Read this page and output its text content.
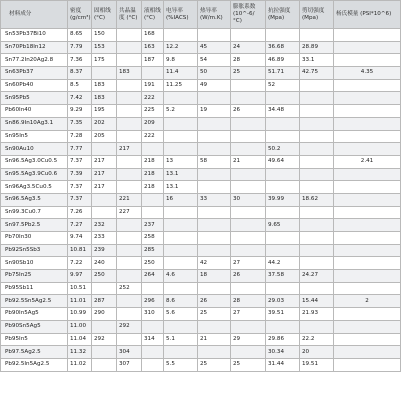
材料成分	密度 (g/cm³)	固相线 (°C)	共晶温度 (°C)	液相线 (°C)	电导率 (%IACS)	热导率 (W/m.K)	膨胀系数 (10^-6/°C)	抗拉强度 (Mpa)	剪切强度 (Mpa)	杨氏模量 (PSI*10^6)
Sn53Pb37Bi10	8.65	150		168						
Sn70Pb18In12	7.79	153		163	12.2	45	24	36.68	28.89	
Sn77.2In20Ag2.8	7.36	175		187	9.8	54	28	46.89	33.1	
Sn63Pb37	8.37		183		11.4	50	25	51.71	42.75	4.35
Sn60Pb40	8.5	183		191	11.25	49		52		
Sn95Pb5	7.42	183		222						
Pb60In40	9.29	195		225	5.2	19	26	34.48		
Sn86.9In10Ag3.1	7.35	202		209						
Sn95In5	7.28	205		222						
Sn90Au10	7.77		217					50.2		
Sn96.5Ag3.0Cu0.5	7.37	217		218	13	58	21	49.64		2.41
Sn95.5Ag3.9Cu0.6	7.39	217		218	13.1					
Sn96Ag3.5Cu0.5	7.37	217		218	13.1					
Sn96.5Ag3.5	7.37		221		16	33	30	39.99	18.62	
Sn99.3Cu0.7	7.26		227							
Sn97.5Pb2.5	7.27	232		237				9.65		
Pb70In30	9.74	233		258						
Pb92Sn5Sb3	10.81	239		285						
Sn90Sb10	7.22	240		250		42	27	44.2		
Pb75In25	9.97	250		264	4.6	18	26	37.58	24.27	
Pb95Sb11	10.51		252							
Pb92.5Sn5Ag2.5	11.01	287		296	8.6	26	28	29.03	15.44	2
Pb90In5Ag5	10.99	290		310	5.6	25	27	39.51	21.93	
Pb90Sn5Ag5	11.00		292							
Pb95In5	11.04	292		314	5.1	21	29	29.86	22.2	
Pb97.5Ag2.5	11.32		304					30.34	20	
Pb92.5In5Ag2.5	11.02		307		5.5	25	25	31.44	19.51	
